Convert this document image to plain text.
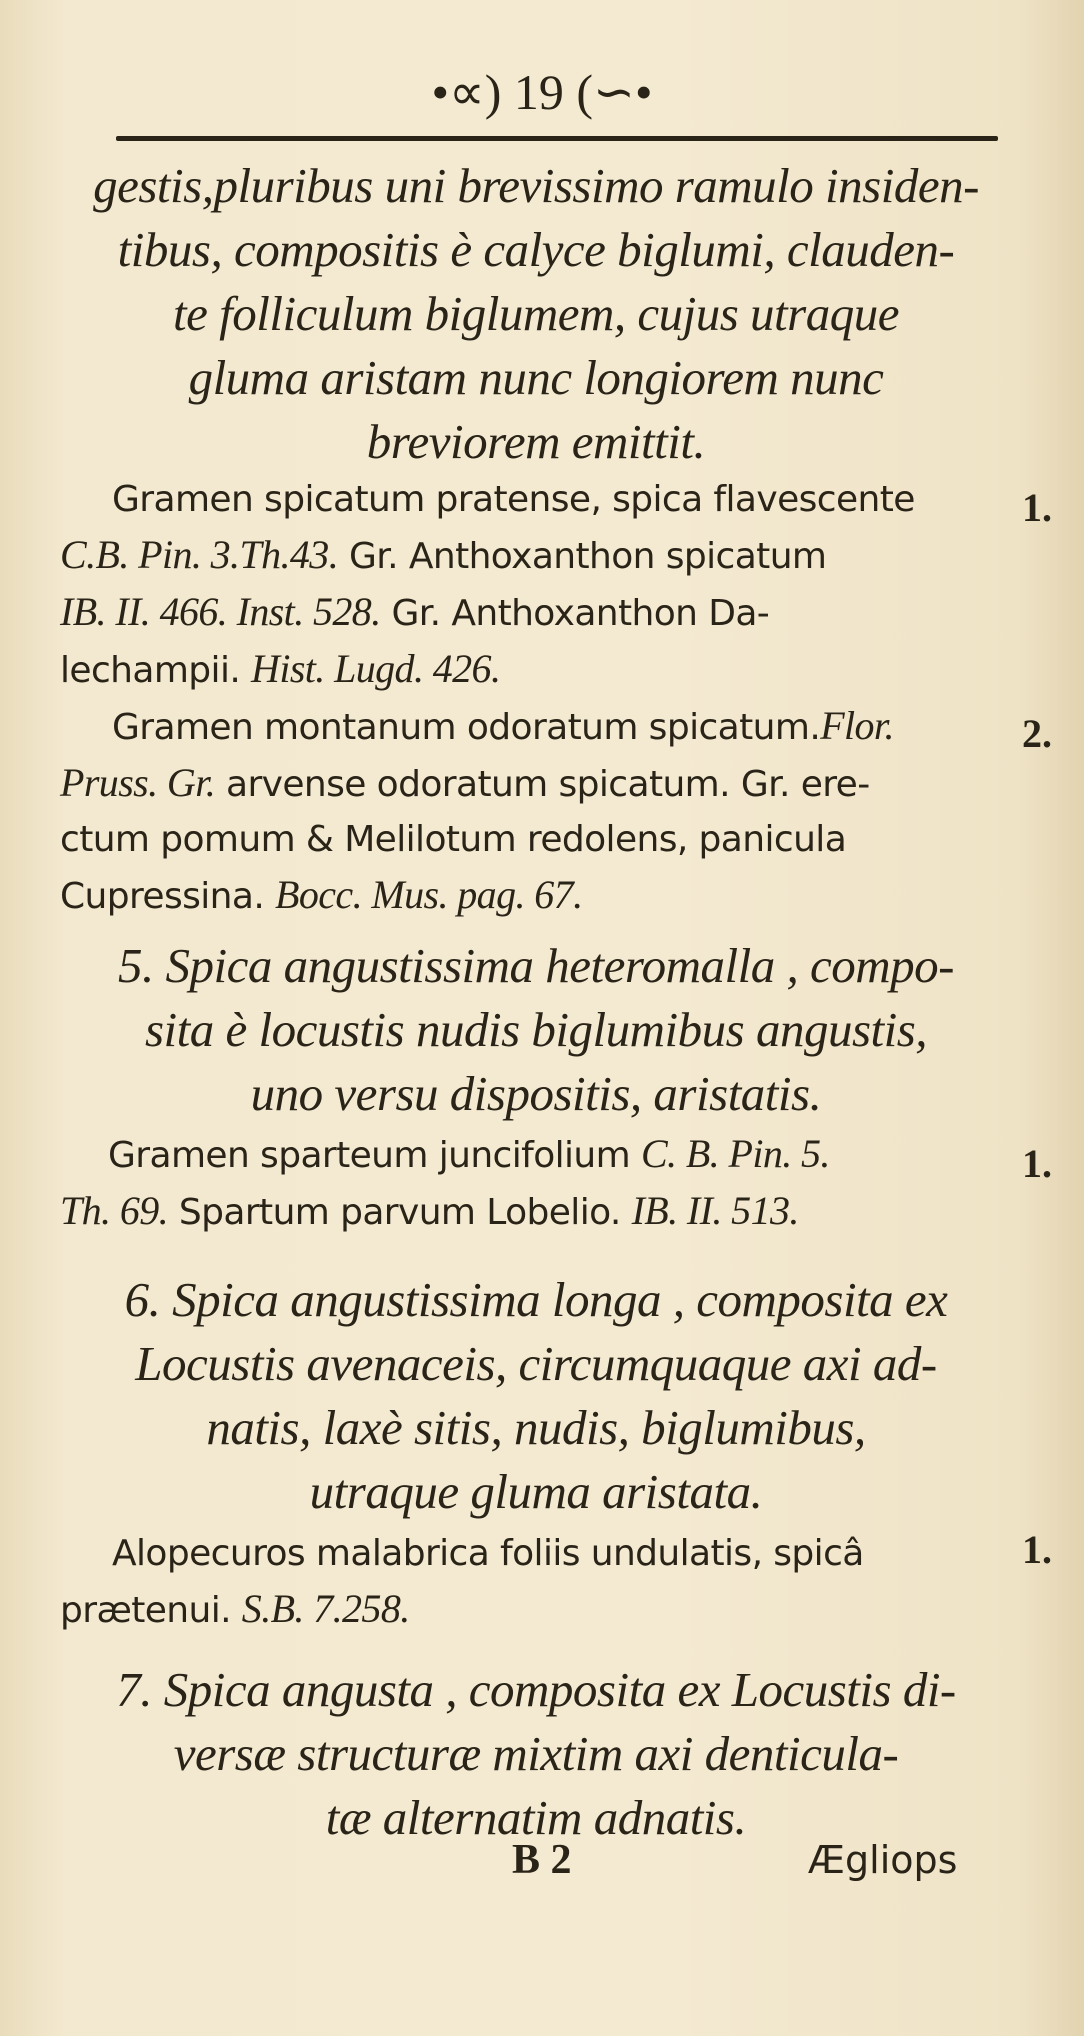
•∝) 19 (∽•
gestis,pluribus uni brevissimo ramulo insiden-
tibus, compositis è calyce biglumi, clauden-
te folliculum biglumem, cujus utraque
gluma aristam nunc longiorem nunc
breviorem emittit.
Gramen spicatum pratense, spica flavescente
C.B. Pin. 3.Th.43. Gr. Anthoxanthon spicatum
IB. II. 466. Inst. 528. Gr. Anthoxanthon Da-
lechampii. Hist. Lugd. 426.
1.
Gramen montanum odoratum spicatum.Flor.
Pruss. Gr. arvense odoratum spicatum. Gr. ere-
ctum pomum & Melilotum redolens, panicula
Cupressina. Bocc. Mus. pag. 67.
2.
5. Spica angustissima heteromalla , compo-
sita è locustis nudis biglumibus angustis,
uno versu dispositis, aristatis.
Gramen sparteum juncifolium C. B. Pin. 5.
Th. 69. Spartum parvum Lobelio. IB. II. 513.
1.
6. Spica angustissima longa , composita ex
Locustis avenaceis, circumquaque axi ad-
natis, laxè sitis, nudis, biglumibus,
utraque gluma aristata.
Alopecuros malabrica foliis undulatis, spicâ
prætenui. S.B. 7.258.
1.
7. Spica angusta , composita ex Locustis di-
versæ structuræ mixtim axi denticula-
tæ alternatim adnatis.
B 2	Ægliops
